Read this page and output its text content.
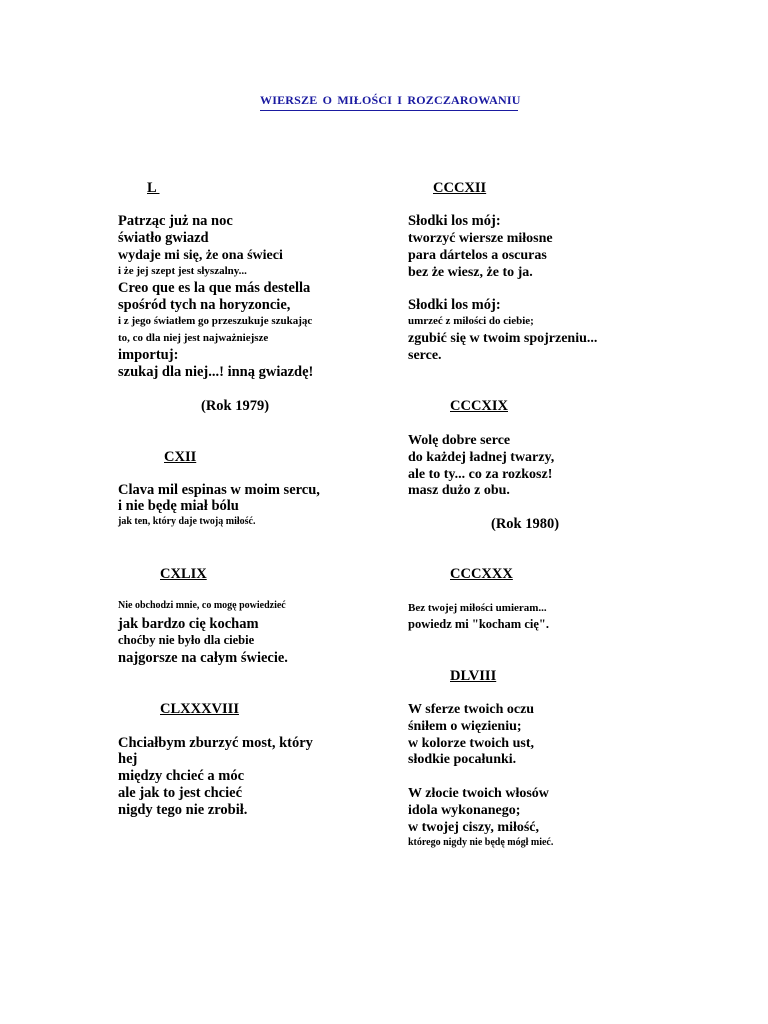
WIERSZE O MIŁOŚCI I ROZCZAROWANIU
L
Patrząc już na noc
światło gwiazd
wydaje mi się, że ona świeci
i że jej szept jest słyszalny...
Creo que es la que más destella
spośród tych na horyzoncie,
i z jego światłem go przeszukuje szukając
to, co dla niej jest najważniejsze
importuj:
szukaj dla niej...! inną gwiazdę!
(Rok 1979)
CXII
Clava mil espinas w moim sercu,
i nie będę miał bólu
jak ten, który daje twoją miłość.
CXLIX
Nie obchodzi mnie, co mogę powiedzieć
jak bardzo cię kocham
choćby nie było dla ciebie
najgorsze na całym świecie.
CLXXXVIII
Chciałbym zburzyć most, który
hej
między chcieć a móc
ale jak to jest chcieć
nigdy tego nie zrobił.
CCCXII
Słodki los mój:
tworzyć wiersze miłosne
para dártelos a oscuras
bez że wiesz, że to ja.
Słodki los mój:
umrzeć z miłości do ciebie;
zgubić się w twoim spojrzeniu...
serce.
CCCXIX
Wolę dobre serce
do każdej ładnej twarzy,
ale to ty... co za rozkosz!
masz dużo z obu.
(Rok 1980)
CCCXXX
Bez twojej miłości umieram...
powiedz mi "kocham cię".
DLVIII
W sferze twoich oczu
śniłem o więzieniu;
w kolorze twoich ust,
słodkie pocałunki.
W złocie twoich włosów
idola wykonanego;
w twojej ciszy, miłość,
którego nigdy nie będę mógł mieć.
